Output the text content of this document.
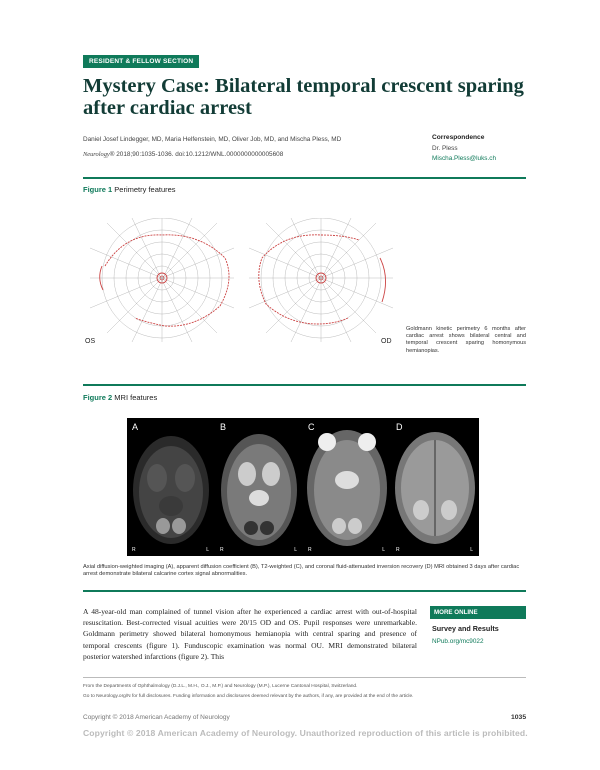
RESIDENT & FELLOW SECTION
Mystery Case: Bilateral temporal crescent sparing after cardiac arrest
Daniel Josef Lindegger, MD, Maria Helfenstein, MD, Oliver Job, MD, and Mischa Pless, MD
Neurology® 2018;90:1035-1036. doi:10.1212/WNL.0000000000005608
Correspondence
Dr. Pless
Mischa.Pless@luks.ch
Figure 1 Perimetry features
OS	OD
Goldmann kinetic perimetry 6 months after cardiac arrest shows bilateral central and temporal crescent sparing homonymous hemianopias.
Figure 2 MRI features
A
R	L
B
R	L
C
R	L
D
R	L
Axial diffusion-weighted imaging (A), apparent diffusion coefficient (B), T2-weighted (C), and coronal fluid-attenuated inversion recovery (D) MRI obtained 3 days after cardiac arrest demonstrate bilateral calcarine cortex signal abnormalities.
A 48-year-old man complained of tunnel vision after he experienced a cardiac arrest with out-of-hospital resuscitation. Best-corrected visual acuities were 20/15 OD and OS. Pupil responses were unremarkable. Goldmann perimetry showed bilateral homonymous hemianopia with central sparing and presence of temporal crescents (figure 1). Funduscopic examination was normal OU. MRI demonstrated bilateral posterior watershed infarctions (figure 2). This
MORE ONLINE
Survey and Results
NPub.org/mc9022
From the Departments of Ophthalmology (D.J.L., M.H., O.J., M.P.) and Neurology (M.P.), Lucerne Cantonal Hospital, Switzerland.
Go to Neurology.org/N for full disclosures. Funding information and disclosures deemed relevant by the authors, if any, are provided at the end of the article.
Copyright © 2018 American Academy of Neurology	1035
Copyright © 2018 American Academy of Neurology. Unauthorized reproduction of this article is prohibited.
